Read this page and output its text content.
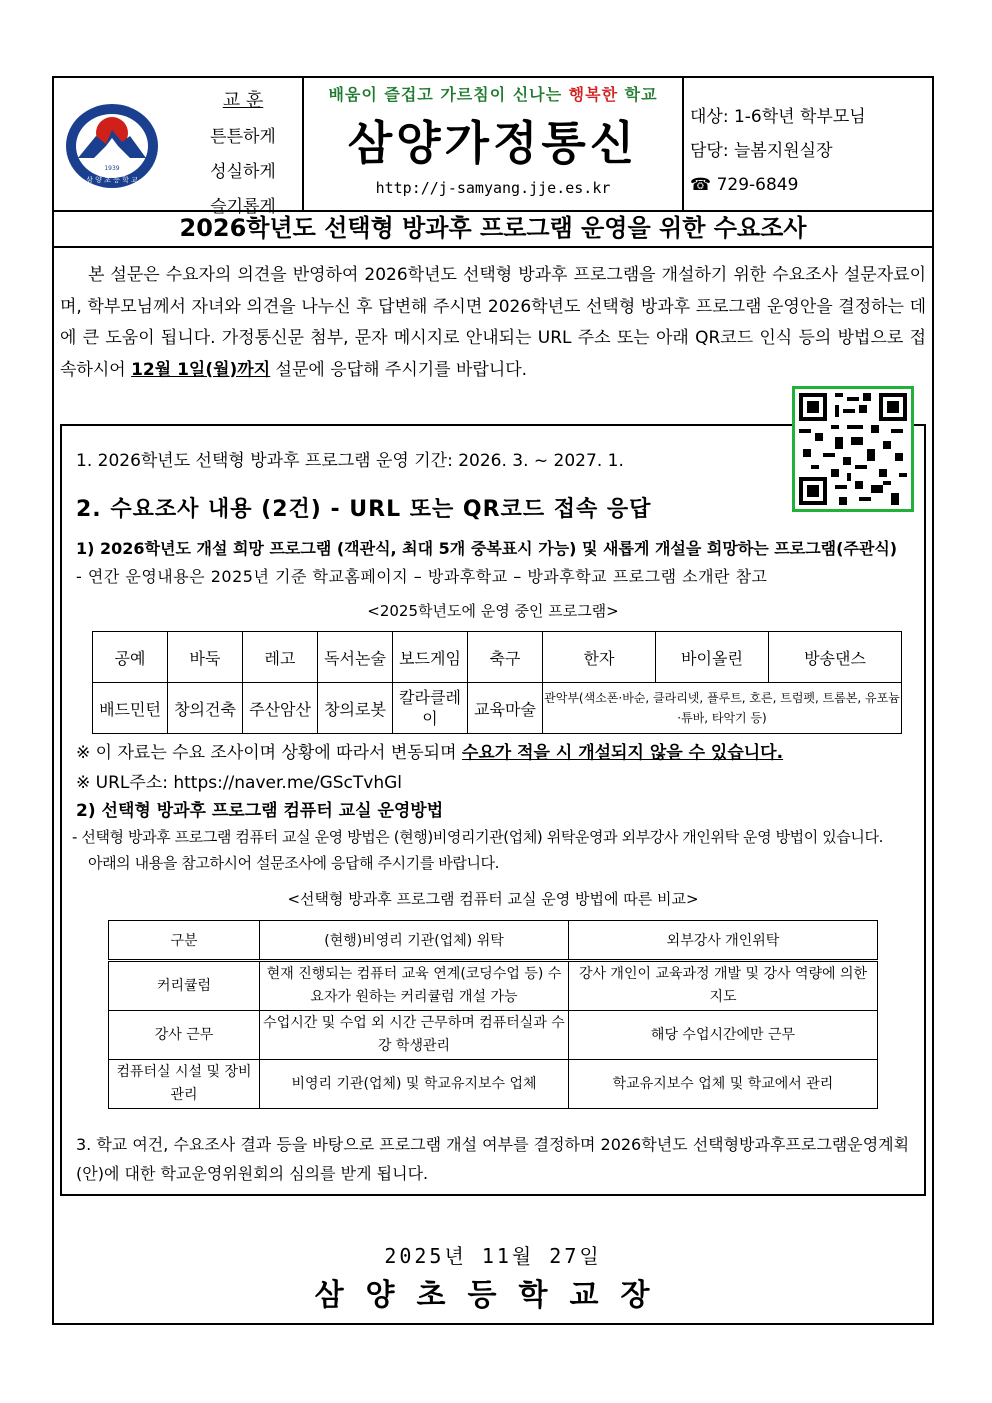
1939
삼 양 초 등 학 교
교 훈
튼튼하게
성실하게
슬기롭게
배움이 즐겁고 가르침이 신나는 행복한 학교
삼양가정통신
http://j-samyang.jje.es.kr
대상: 1-6학년 학부모님
담당: 늘봄지원실장
☎ 729-6849
2026학년도 선택형 방과후 프로그램 운영을 위한 수요조사
본 설문은 수요자의 의견을 반영하여 2026학년도 선택형 방과후 프로그램을 개설하기 위한 수요조사 설문자료이며, 학부모님께서 자녀와 의견을 나누신 후 답변해 주시면 2026학년도 선택형 방과후 프로그램 운영안을 결정하는 데에 큰 도움이 됩니다. 가정통신문 첨부, 문자 메시지로 안내되는 URL 주소 또는 아래 QR코드 인식 등의 방법으로 접속하시어 12월 1일(월)까지 설문에 응답해 주시기를 바랍니다.
1. 2026학년도 선택형 방과후 프로그램 운영 기간: 2026. 3. ~ 2027. 1.
2. 수요조사 내용 (2건) - URL 또는 QR코드 접속 응답
1) 2026학년도 개설 희망 프로그램 (객관식, 최대 5개 중복표시 가능) 및 새롭게 개설을 희망하는 프로그램(주관식)
- 연간 운영내용은 2025년 기준 학교홈페이지 – 방과후학교 – 방과후학교 프로그램 소개란 참고
<2025학년도에 운영 중인 프로그램>
공예	바둑	레고	독서논술	보드게임	축구	한자	바이올린	방송댄스
배드민턴	창의건축	주산암산	창의로봇	칼라클레이	교육마술	관악부(색소폰·바순, 클라리넷, 플루트, 호른, 트럼펫, 트롬본, 유포늄·튜바, 타악기 등)		
※ 이 자료는 수요 조사이며 상황에 따라서 변동되며 수요가 적을 시 개설되지 않을 수 있습니다.
※ URL주소: https://naver.me/GScTvhGl
2) 선택형 방과후 프로그램 컴퓨터 교실 운영방법
- 선택형 방과후 프로그램 컴퓨터 교실 운영 방법은 (현행)비영리기관(업체) 위탁운영과 외부강사 개인위탁 운영 방법이 있습니다.
아래의 내용을 참고하시어 설문조사에 응답해 주시기를 바랍니다.
<선택형 방과후 프로그램 컴퓨터 교실 운영 방법에 따른 비교>
구분	(현행)비영리 기관(업체) 위탁	외부강사 개인위탁
커리큘럼	현재 진행되는 컴퓨터 교육 연계(코딩수업 등) 수요자가 원하는 커리큘럼 개설 가능	강사 개인이 교육과정 개발 및 강사 역량에 의한 지도
강사 근무	수업시간 및 수업 외 시간 근무하며 컴퓨터실과 수강 학생관리	해당 수업시간에만 근무
컴퓨터실 시설 및 장비관리	비영리 기관(업체) 및 학교유지보수 업체	학교유지보수 업체 및 학교에서 관리
3. 학교 여건, 수요조사 결과 등을 바탕으로 프로그램 개설 여부를 결정하며 2026학년도 선택형방과후프로그램운영계획(안)에 대한 학교운영위원회의 심의를 받게 됩니다.
2025년 11월 27일
삼양초등학교장
